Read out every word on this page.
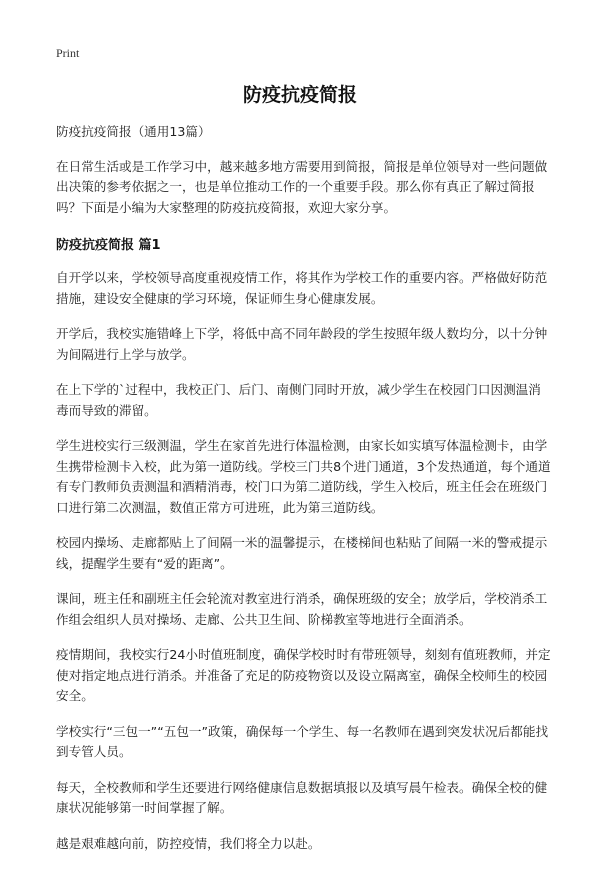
Print
防疫抗疫简报

防疫抗疫简报（通用13篇）

在日常生活或是工作学习中，越来越多地方需要用到简报，简报是单位领导对一些问题做出决策的参考依据之一，也是单位推动工作的一个重要手段。那么你有真正了解过简报吗？下面是小编为大家整理的防疫抗疫简报，欢迎大家分享。

防疫抗疫简报 篇1

自开学以来，学校领导高度重视疫情工作，将其作为学校工作的重要内容。严格做好防范措施，建设安全健康的学习环境，保证师生身心健康发展。

开学后，我校实施错峰上下学，将低中高不同年龄段的学生按照年级人数均分，以十分钟为间隔进行上学与放学。

在上下学的`过程中，我校正门、后门、南侧门同时开放，减少学生在校园门口因测温消毒而导致的滞留。

学生进校实行三级测温，学生在家首先进行体温检测，由家长如实填写体温检测卡，由学生携带检测卡入校，此为第一道防线。学校三门共8个进门通道，3个发热通道，每个通道有专门教师负责测温和酒精消毒，校门口为第二道防线，学生入校后，班主任会在班级门口进行第二次测温，数值正常方可进班，此为第三道防线。

校园内操场、走廊都贴上了间隔一米的温馨提示，在楼梯间也粘贴了间隔一米的警戒提示线，提醒学生要有“爱的距离”。

课间，班主任和副班主任会轮流对教室进行消杀，确保班级的安全；放学后，学校消杀工作组会组织人员对操场、走廊、公共卫生间、阶梯教室等地进行全面消杀。

疫情期间，我校实行24小时值班制度，确保学校时时有带班领导，刻刻有值班教师，并定使对指定地点进行消杀。并准备了充足的防疫物资以及设立隔离室，确保全校师生的校园安全。

学校实行“三包一”“五包一”政策，确保每一个学生、每一名教师在遇到突发状况后都能找到专管人员。

每天，全校教师和学生还要进行网络健康信息数据填报以及填写晨午检表。确保全校的健康状况能够第一时间掌握了解。

越是艰难越向前，防控疫情，我们将全力以赴。
